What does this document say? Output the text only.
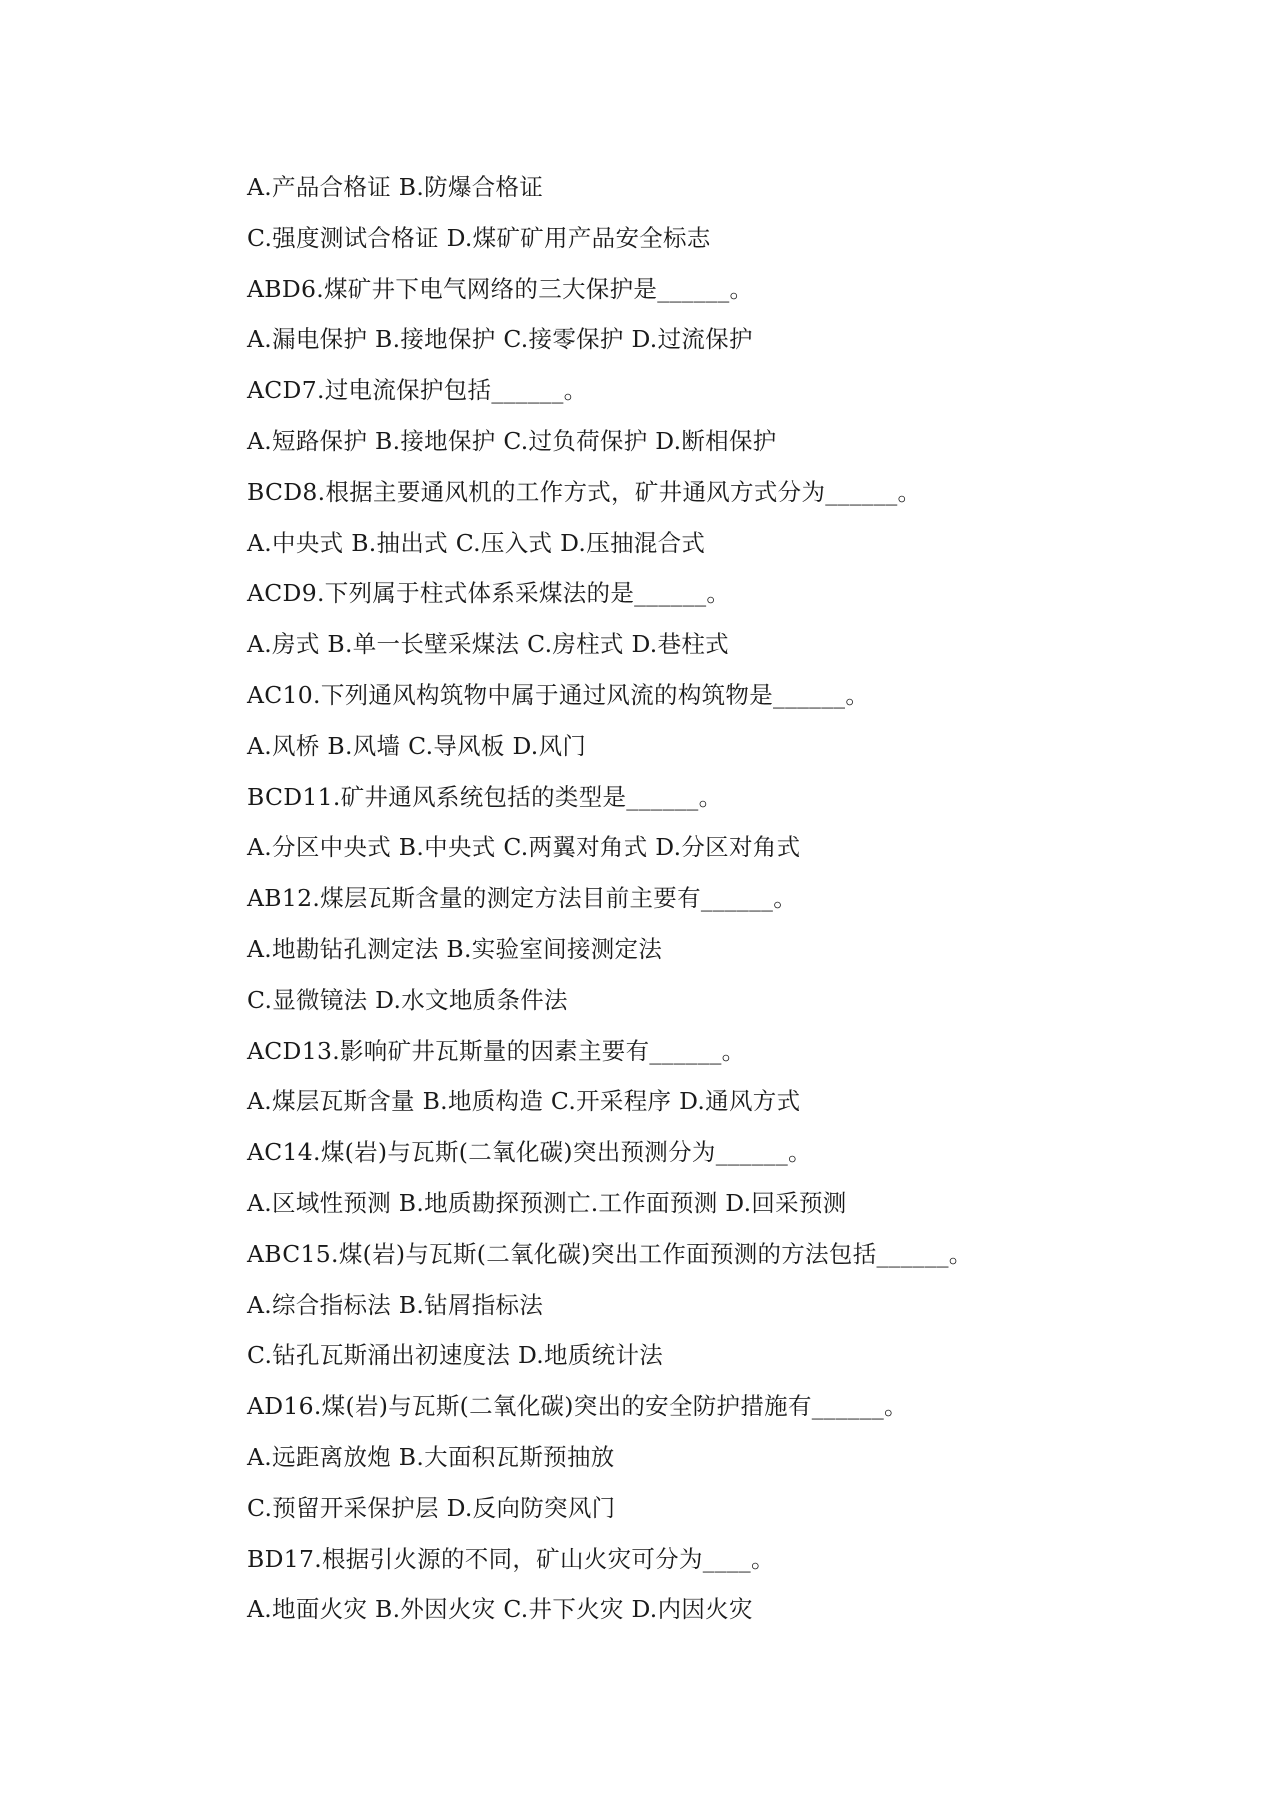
A.产品合格证 B.防爆合格证
C.强度测试合格证 D.煤矿矿用产品安全标志
ABD6.煤矿井下电气网络的三大保护是______。
A.漏电保护 B.接地保护 C.接零保护 D.过流保护
ACD7.过电流保护包括______。
A.短路保护 B.接地保护 C.过负荷保护 D.断相保护
BCD8.根据主要通风机的工作方式，矿井通风方式分为______。
A.中央式 B.抽出式 C.压入式 D.压抽混合式
ACD9.下列属于柱式体系采煤法的是______。
A.房式 B.单一长壁采煤法 C.房柱式 D.巷柱式
AC10.下列通风构筑物中属于通过风流的构筑物是______。
A.风桥 B.风墙 C.导风板 D.风门
BCD11.矿井通风系统包括的类型是______。
A.分区中央式 B.中央式 C.两翼对角式 D.分区对角式
AB12.煤层瓦斯含量的测定方法目前主要有______。
A.地勘钻孔测定法 B.实验室间接测定法
C.显微镜法 D.水文地质条件法
ACD13.影响矿井瓦斯量的因素主要有______。
A.煤层瓦斯含量 B.地质构造 C.开采程序 D.通风方式
AC14.煤(岩)与瓦斯(二氧化碳)突出预测分为______。
A.区域性预测 B.地质勘探预测亡.工作面预测 D.回采预测
ABC15.煤(岩)与瓦斯(二氧化碳)突出工作面预测的方法包括______。
A.综合指标法 B.钻屑指标法
C.钻孔瓦斯涌出初速度法 D.地质统计法
AD16.煤(岩)与瓦斯(二氧化碳)突出的安全防护措施有______。
A.远距离放炮 B.大面积瓦斯预抽放
C.预留开采保护层 D.反向防突风门
BD17.根据引火源的不同，矿山火灾可分为____。
A.地面火灾 B.外因火灾 C.井下火灾 D.内因火灾
